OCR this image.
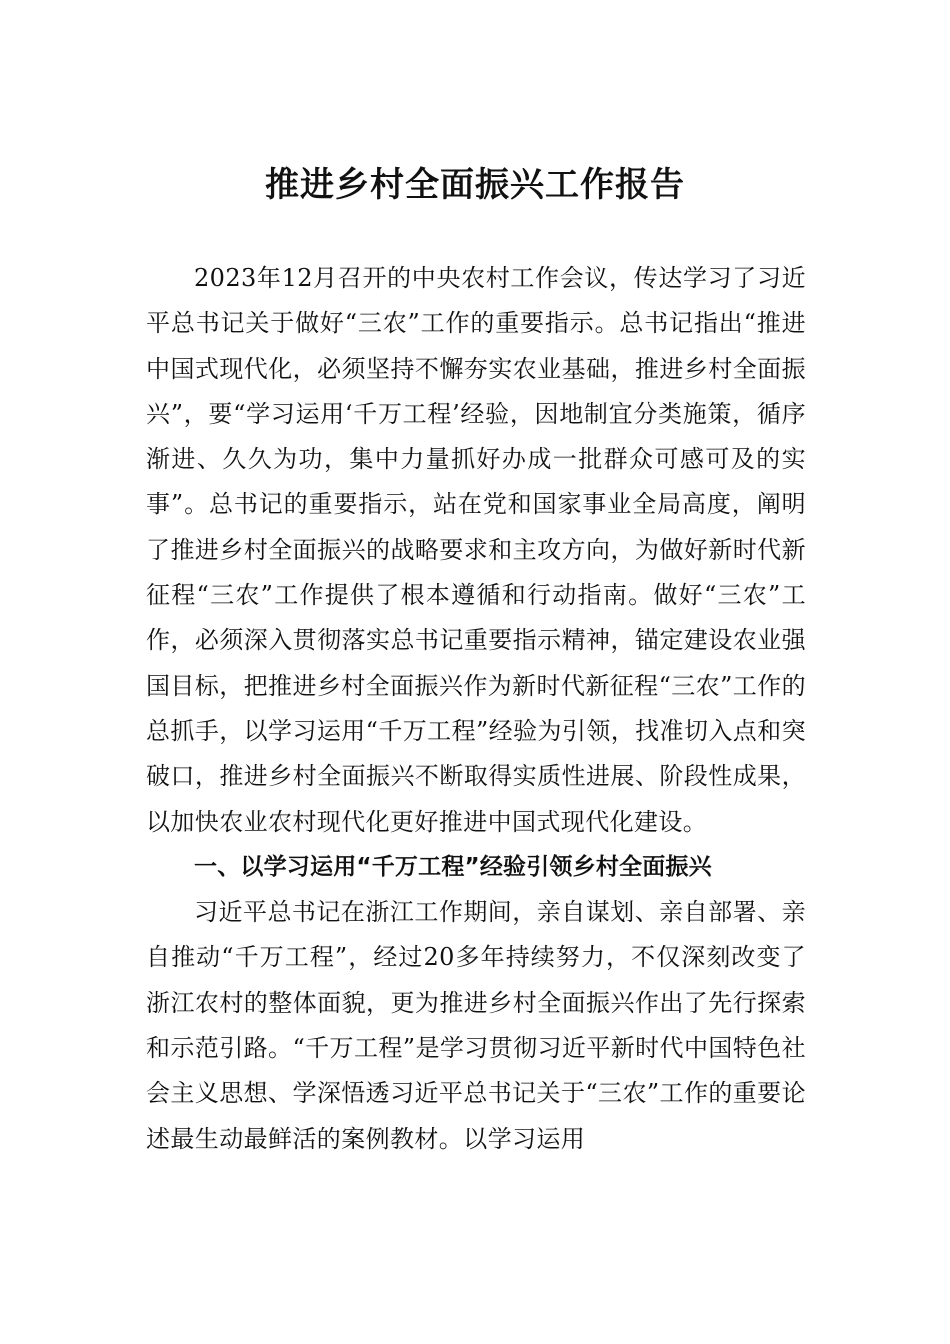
推进乡村全面振兴工作报告

2023年12月召开的中央农村工作会议，传达学习了习近平总书记关于做好“三农”工作的重要指示。总书记指出“推进中国式现代化，必须坚持不懈夯实农业基础，推进乡村全面振兴”，要“学习运用‘千万工程’经验，因地制宜分类施策，循序渐进、久久为功，集中力量抓好办成一批群众可感可及的实事”。总书记的重要指示，站在党和国家事业全局高度，阐明了推进乡村全面振兴的战略要求和主攻方向，为做好新时代新征程“三农”工作提供了根本遵循和行动指南。做好“三农”工作，必须深入贯彻落实总书记重要指示精神，锚定建设农业强国目标，把推进乡村全面振兴作为新时代新征程“三农”工作的总抓手，以学习运用“千万工程”经验为引领，找准切入点和突破口，推进乡村全面振兴不断取得实质性进展、阶段性成果，以加快农业农村现代化更好推进中国式现代化建设。

一、以学习运用“千万工程”经验引领乡村全面振兴

习近平总书记在浙江工作期间，亲自谋划、亲自部署、亲自推动“千万工程”，经过20多年持续努力，不仅深刻改变了浙江农村的整体面貌，更为推进乡村全面振兴作出了先行探索和示范引路。“千万工程”是学习贯彻习近平新时代中国特色社会主义思想、学深悟透习近平总书记关于“三农”工作的重要论述最生动最鲜活的案例教材。以学习运用
